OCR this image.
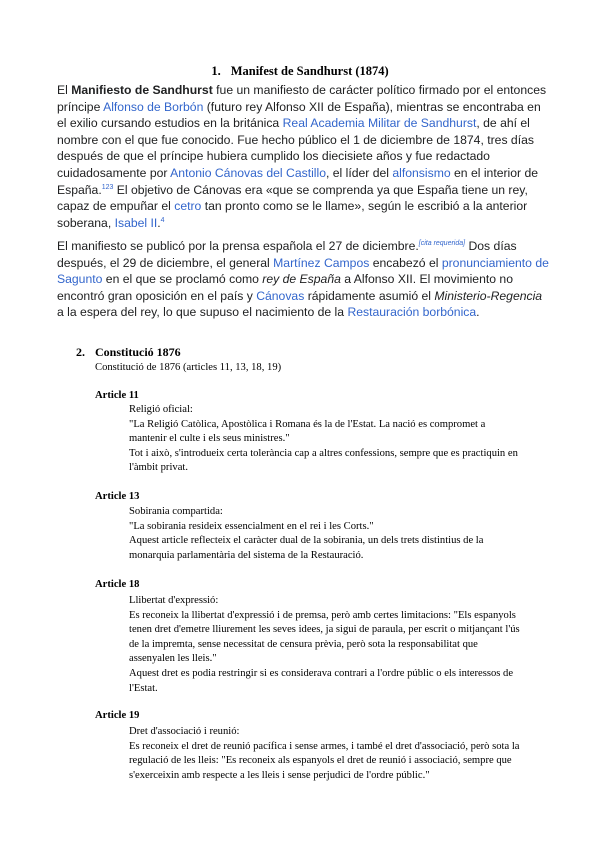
1. Manifest de Sandhurst (1874)

El Manifiesto de Sandhurst fue un manifiesto de carácter político firmado por el entonces príncipe Alfonso de Borbón (futuro rey Alfonso XII de España), mientras se encontraba en el exilio cursando estudios en la británica Real Academia Militar de Sandhurst, de ahí el nombre con el que fue conocido. Fue hecho público el 1 de diciembre de 1874, tres días después de que el príncipe hubiera cumplido los diecisiete años y fue redactado cuidadosamente por Antonio Cánovas del Castillo, el líder del alfonsismo en el interior de España.$^{123}$ El objetivo de Cánovas era «que se comprenda ya que España tiene un rey, capaz de empuñar el cetro tan pronto como se le llame», según le escribió a la anterior soberana, Isabel II.$^4$

El manifiesto se publicó por la prensa española el 27 de diciembre.[cita requerida] Dos días después, el 29 de diciembre, el general Martínez Campos encabezó el pronunciamiento de Sagunto en el que se proclamó como rey de España a Alfonso XII. El movimiento no encontró gran oposición en el país y Cánovas rápidamente asumió el Ministerio-Regencia a la espera del rey, lo que supuso el nacimiento de la Restauración borbónica.

2. Constitució 1876
Constitució de 1876 (articles 11, 13, 18, 19)
Article 11
Religió oficial:
"La Religió Catòlica, Apostòlica i Romana és la de l'Estat. La nació es compromet a
mantenir el culte i els seus ministres."
Tot i això, s'introdueix certa tolerància cap a altres confessions, sempre que es practiquin en
l'àmbit privat.
Article 13
Sobirania compartida:
"La sobirania resideix essencialment en el rei i les Corts."
Aquest article reflecteix el caràcter dual de la sobirania, un dels trets distintius de la
monarquia parlamentària del sistema de la Restauració.
Article 18
Llibertat d'expressió:
Es reconeix la llibertat d'expressió i de premsa, però amb certes limitacions: "Els espanyols
tenen dret d'emetre lliurement les seves idees, ja sigui de paraula, per escrit o mitjançant l'ús
de la impremta, sense necessitat de censura prèvia, però sota la responsabilitat que
assenyalen les lleis."
Aquest dret es podia restringir si es considerava contrari a l'ordre públic o els interessos de
l'Estat.
Article 19
Dret d'associació i reunió:
Es reconeix el dret de reunió pacífica i sense armes, i també el dret d'associació, però sota la
regulació de les lleis: "Es reconeix als espanyols el dret de reunió i associació, sempre que
s'exerceixin amb respecte a les lleis i sense perjudici de l'ordre públic."
